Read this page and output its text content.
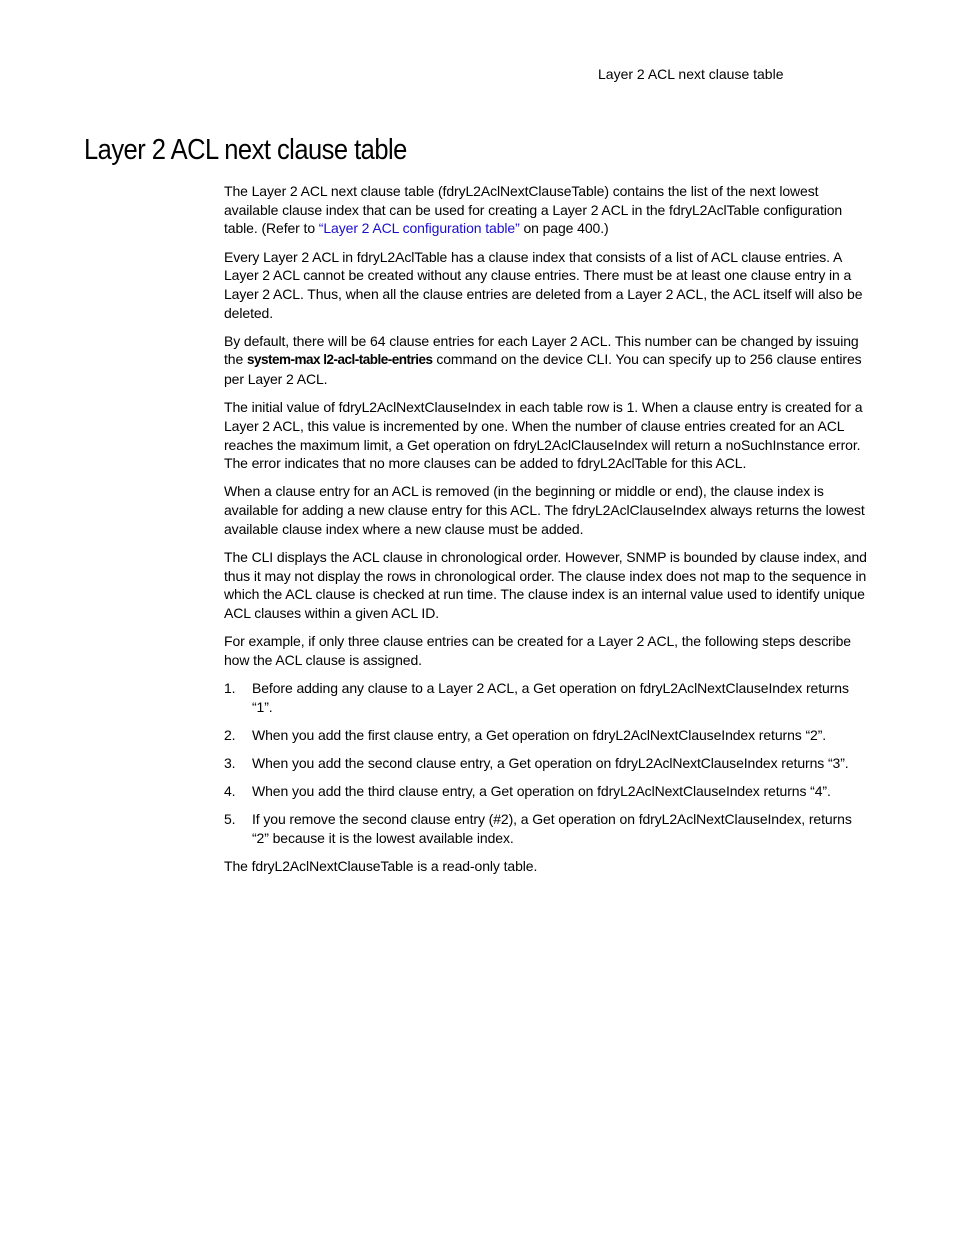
Layer 2 ACL next clause table
Layer 2 ACL next clause table

The Layer 2 ACL next clause table (fdryL2AclNextClauseTable) contains the list of the next lowest available clause index that can be used for creating a Layer 2 ACL in the fdryL2AclTable configuration table. (Refer to “Layer 2 ACL configuration table” on page 400.)

Every Layer 2 ACL in fdryL2AclTable has a clause index that consists of a list of ACL clause entries. A Layer 2 ACL cannot be created without any clause entries. There must be at least one clause entry in a Layer 2 ACL. Thus, when all the clause entries are deleted from a Layer 2 ACL, the ACL itself will also be deleted.

By default, there will be 64 clause entries for each Layer 2 ACL. This number can be changed by issuing the system-max l2-acl-table-entries command on the device CLI. You can specify up to 256 clause entires per Layer 2 ACL.

The initial value of fdryL2AclNextClauseIndex in each table row is 1. When a clause entry is created for a Layer 2 ACL, this value is incremented by one. When the number of clause entries created for an ACL reaches the maximum limit, a Get operation on fdryL2AclClauseIndex will return a noSuchInstance error. The error indicates that no more clauses can be added to fdryL2AclTable for this ACL.

When a clause entry for an ACL is removed (in the beginning or middle or end), the clause index is available for adding a new clause entry for this ACL. The fdryL2AclClauseIndex always returns the lowest available clause index where a new clause must be added.

The CLI displays the ACL clause in chronological order. However, SNMP is bounded by clause index, and thus it may not display the rows in chronological order. The clause index does not map to the sequence in which the ACL clause is checked at run time. The clause index is an internal value used to identify unique ACL clauses within a given ACL ID.

For example, if only three clause entries can be created for a Layer 2 ACL, the following steps describe how the ACL clause is assigned.

1. Before adding any clause to a Layer 2 ACL, a Get operation on fdryL2AclNextClauseIndex returns “1”.
2. When you add the first clause entry, a Get operation on fdryL2AclNextClauseIndex returns “2”.
3. When you add the second clause entry, a Get operation on fdryL2AclNextClauseIndex returns “3”.
4. When you add the third clause entry, a Get operation on fdryL2AclNextClauseIndex returns “4”.
5. If you remove the second clause entry (#2), a Get operation on fdryL2AclNextClauseIndex, returns “2” because it is the lowest available index.

The fdryL2AclNextClauseTable is a read-only table.
